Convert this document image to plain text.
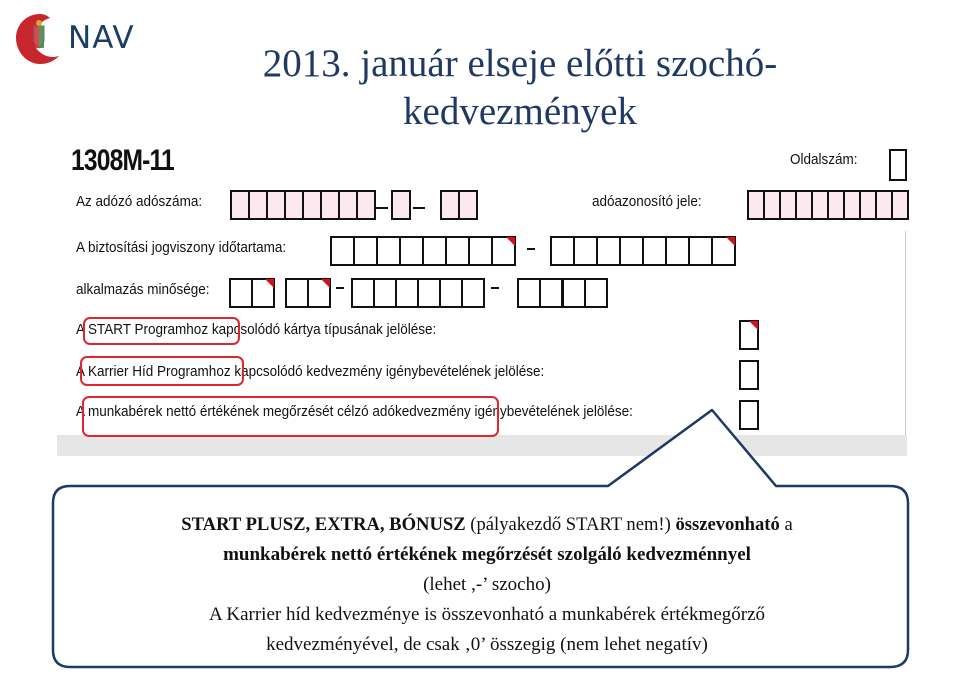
NAV
2013. január elseje előtti szochó-kedvezmények
1308M-11	Oldalszám:
Az adózó adószáma:	adóazonosító jele:
A biztosítási jogviszony időtartama:
alkalmazás minősége:
A START Programhoz kapcsolódó kártya típusának jelölése:
A Karrier Híd Programhoz kapcsolódó kedvezmény igénybevételének jelölése:
A munkabérek nettó értékének megőrzését célzó adókedvezmény igénybevételének jelölése:
START PLUSZ, EXTRA, BÓNUSZ (pályakezdő START nem!) összevonható a
munkabérek nettó értékének megőrzését szolgáló kedvezménnyel
(lehet ,-’ szocho)
A Karrier híd kedvezménye is összevonható a munkabérek értékmegőrző
kedvezményével, de csak ‚0’ összegig (nem lehet negatív)
